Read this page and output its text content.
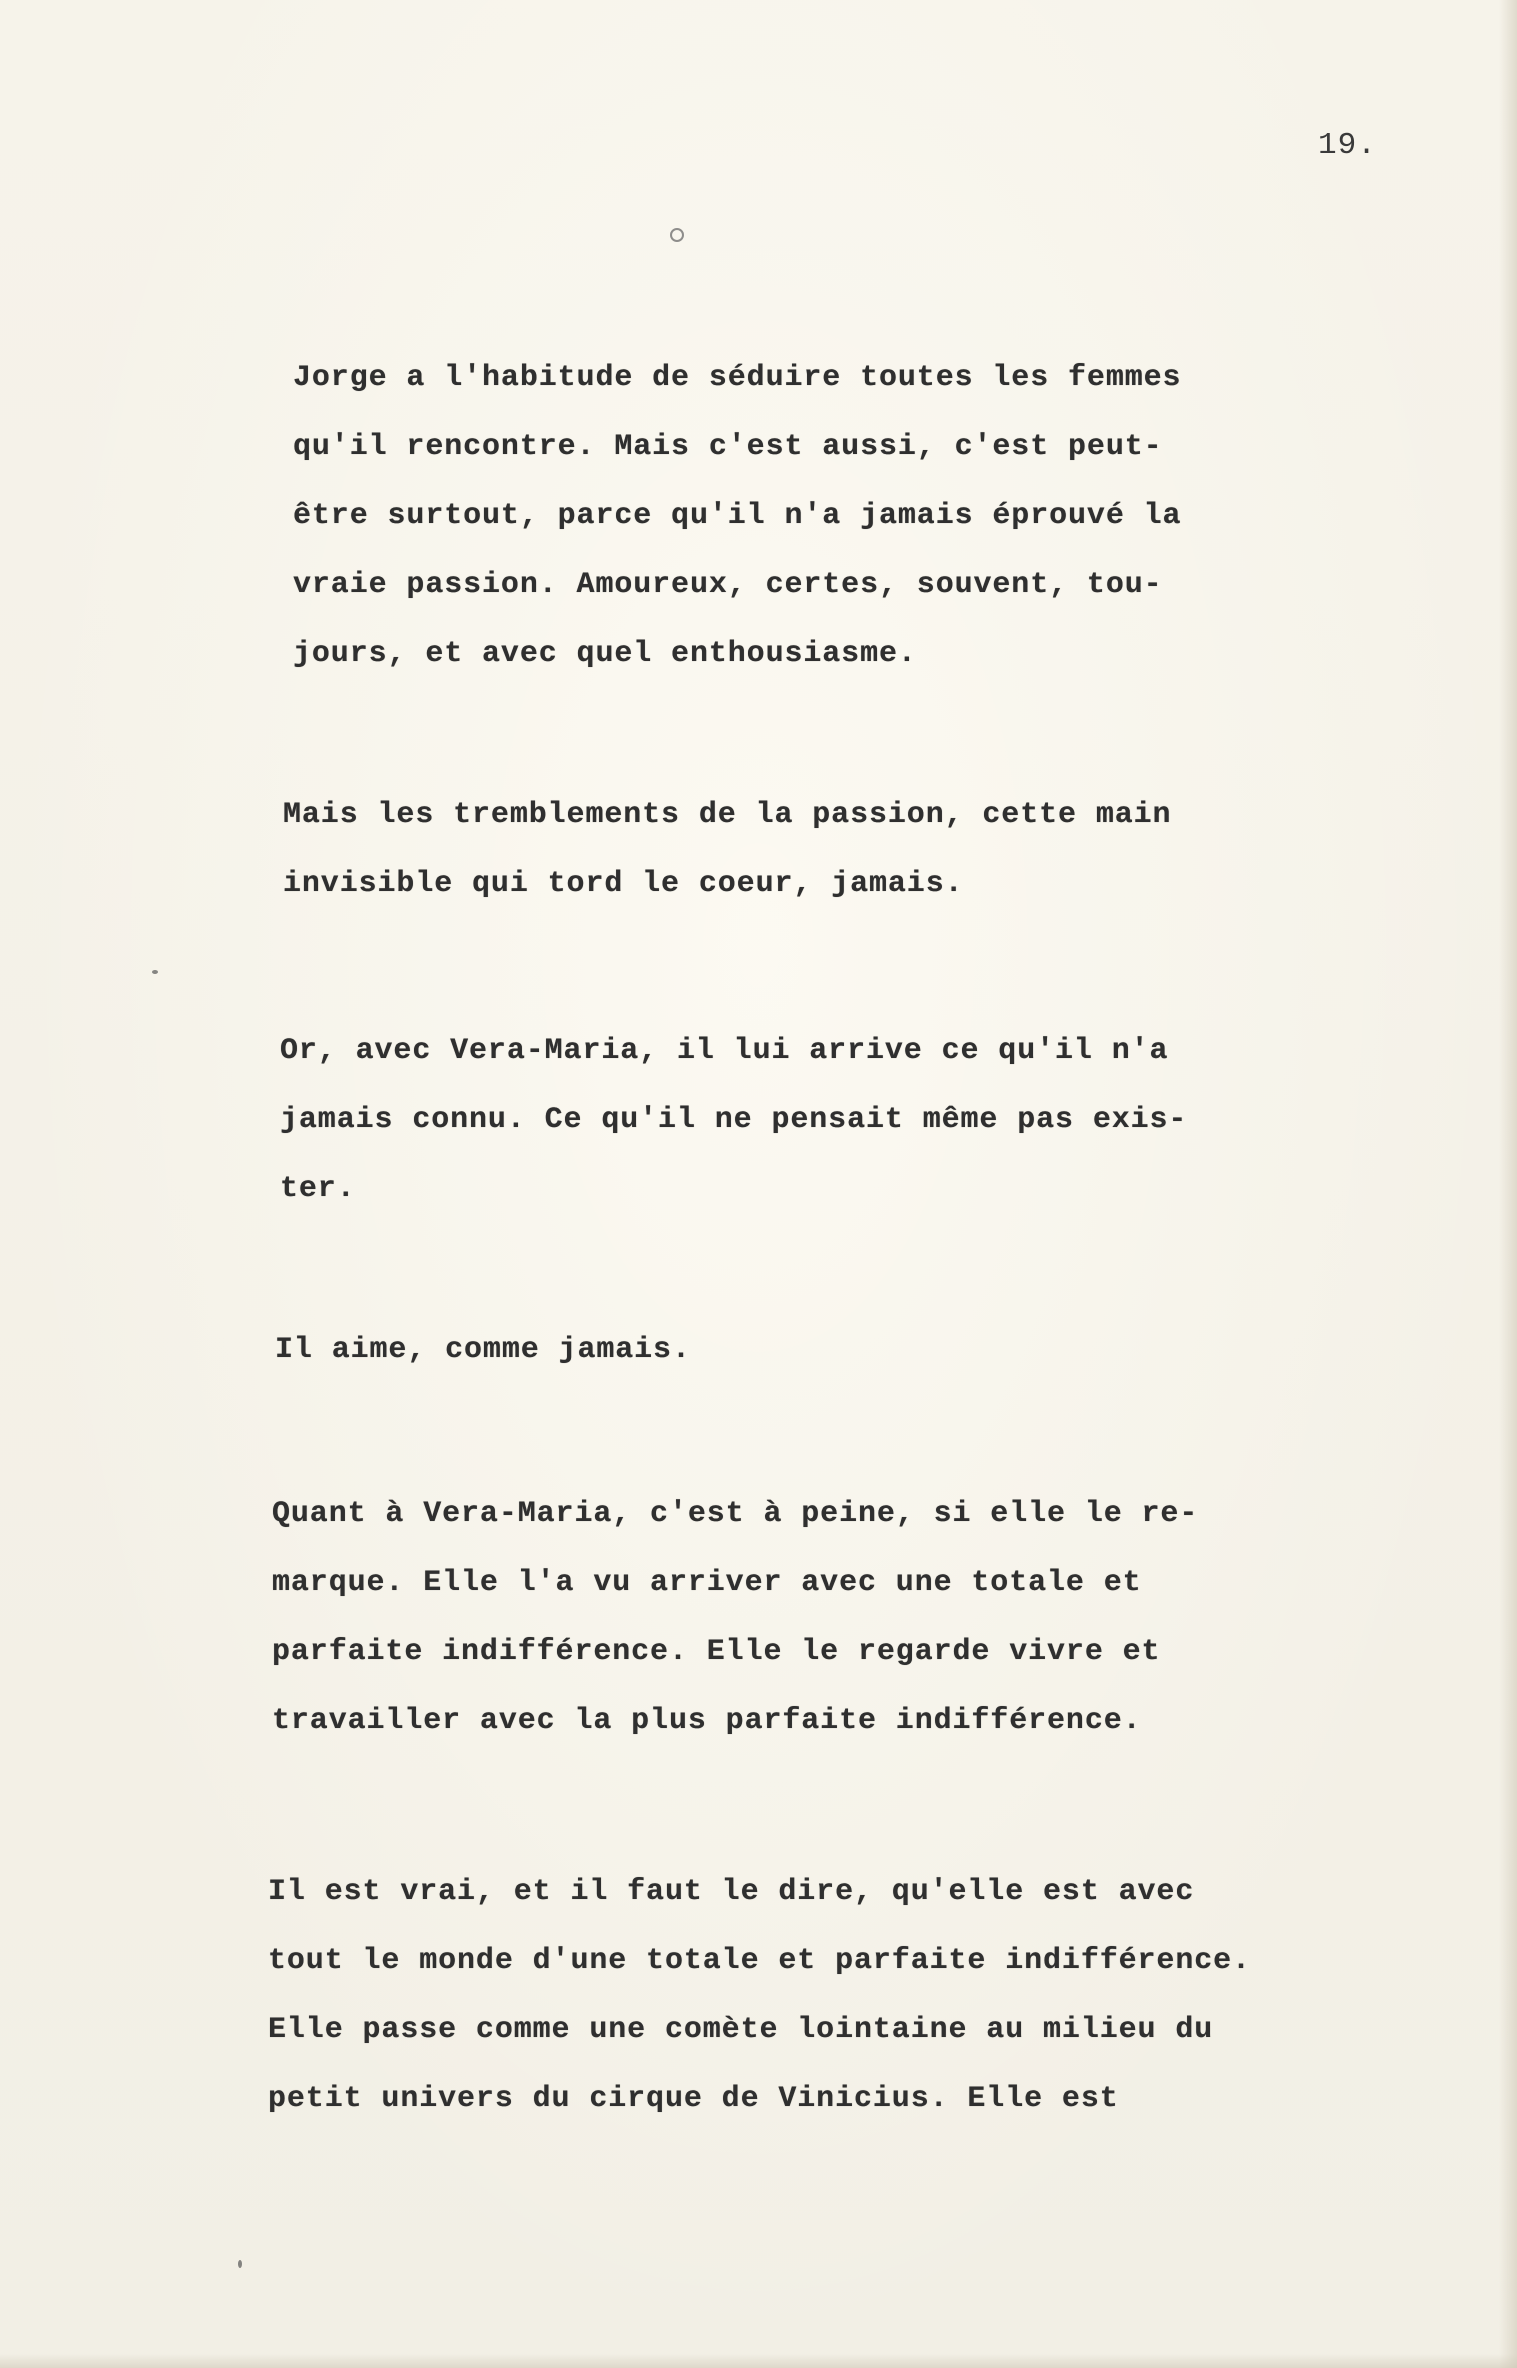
19.
Jorge a l'habitude de séduire toutes les femmes
qu'il rencontre. Mais c'est aussi, c'est peut-
être surtout, parce qu'il n'a jamais éprouvé la
vraie passion. Amoureux, certes, souvent, tou-
jours, et avec quel enthousiasme.
Mais les tremblements de la passion, cette main
invisible qui tord le coeur, jamais.
Or, avec Vera-Maria, il lui arrive ce qu'il n'a
jamais connu. Ce qu'il ne pensait même pas exis-
ter.
Il aime, comme jamais.
Quant à Vera-Maria, c'est à peine, si elle le re-
marque. Elle l'a vu arriver avec une totale et
parfaite indifférence. Elle le regarde vivre et
travailler avec la plus parfaite indifférence.
Il est vrai, et il faut le dire, qu'elle est avec
tout le monde d'une totale et parfaite indifférence.
Elle passe comme une comète lointaine au milieu du
petit univers du cirque de Vinicius. Elle est
